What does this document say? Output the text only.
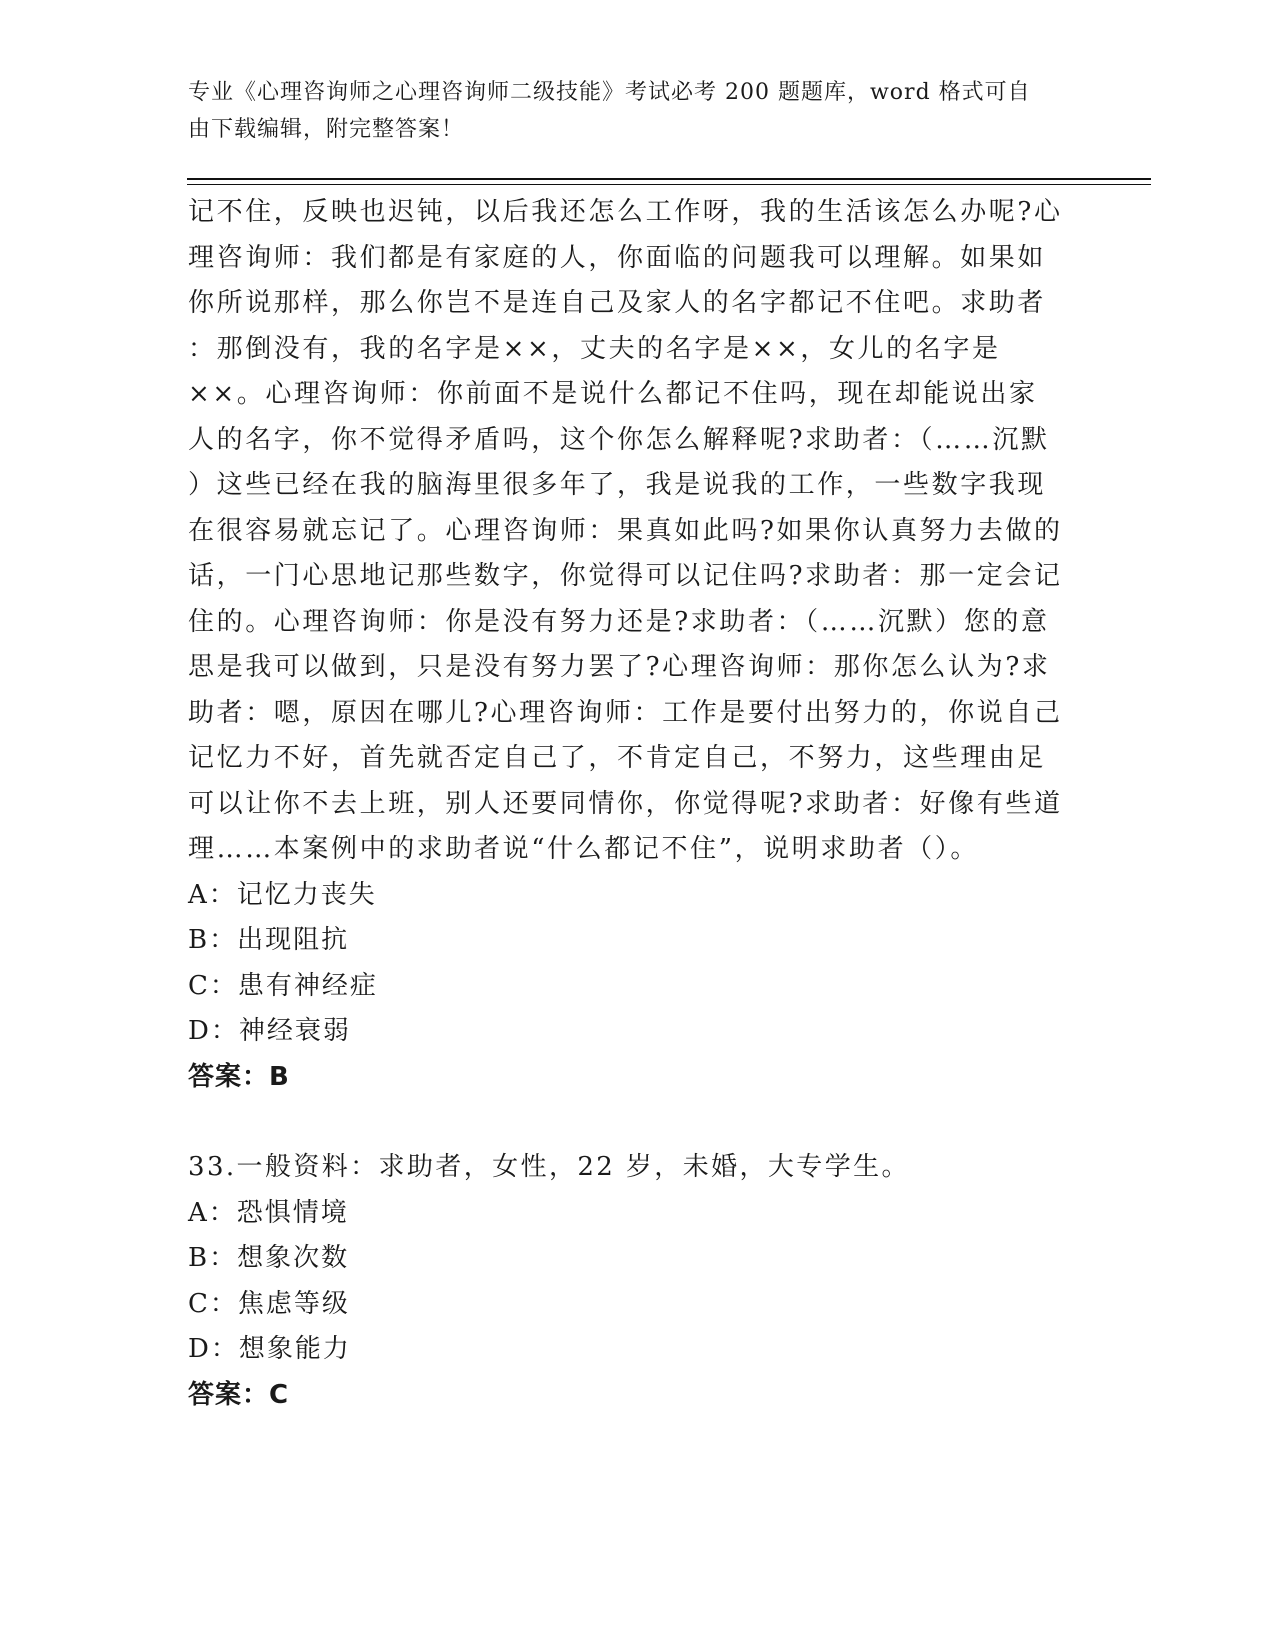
专业《心理咨询师之心理咨询师二级技能》考试必考 200 题题库，word 格式可自
由下载编辑，附完整答案！
记不住，反映也迟钝，以后我还怎么工作呀，我的生活该怎么办呢?心
理咨询师：我们都是有家庭的人，你面临的问题我可以理解。如果如
你所说那样，那么你岂不是连自己及家人的名字都记不住吧。求助者
：那倒没有，我的名字是××，丈夫的名字是××，女儿的名字是
××。心理咨询师：你前面不是说什么都记不住吗，现在却能说出家
人的名字，你不觉得矛盾吗，这个你怎么解释呢?求助者：（……沉默
）这些已经在我的脑海里很多年了，我是说我的工作，一些数字我现
在很容易就忘记了。心理咨询师：果真如此吗?如果你认真努力去做的
话，一门心思地记那些数字，你觉得可以记住吗?求助者：那一定会记
住的。心理咨询师：你是没有努力还是?求助者：（……沉默）您的意
思是我可以做到，只是没有努力罢了?心理咨询师：那你怎么认为?求
助者：嗯，原因在哪儿?心理咨询师：工作是要付出努力的，你说自己
记忆力不好，首先就否定自己了，不肯定自己，不努力，这些理由足
可以让你不去上班，别人还要同情你，你觉得呢?求助者：好像有些道
理……本案例中的求助者说“什么都记不住”，说明求助者（）。
A：记忆力丧失
B：出现阻抗
C：患有神经症
D：神经衰弱
答案：B
33.一般资料：求助者，女性，22 岁，未婚，大专学生。
A：恐惧情境
B：想象次数
C：焦虑等级
D：想象能力
答案：C
